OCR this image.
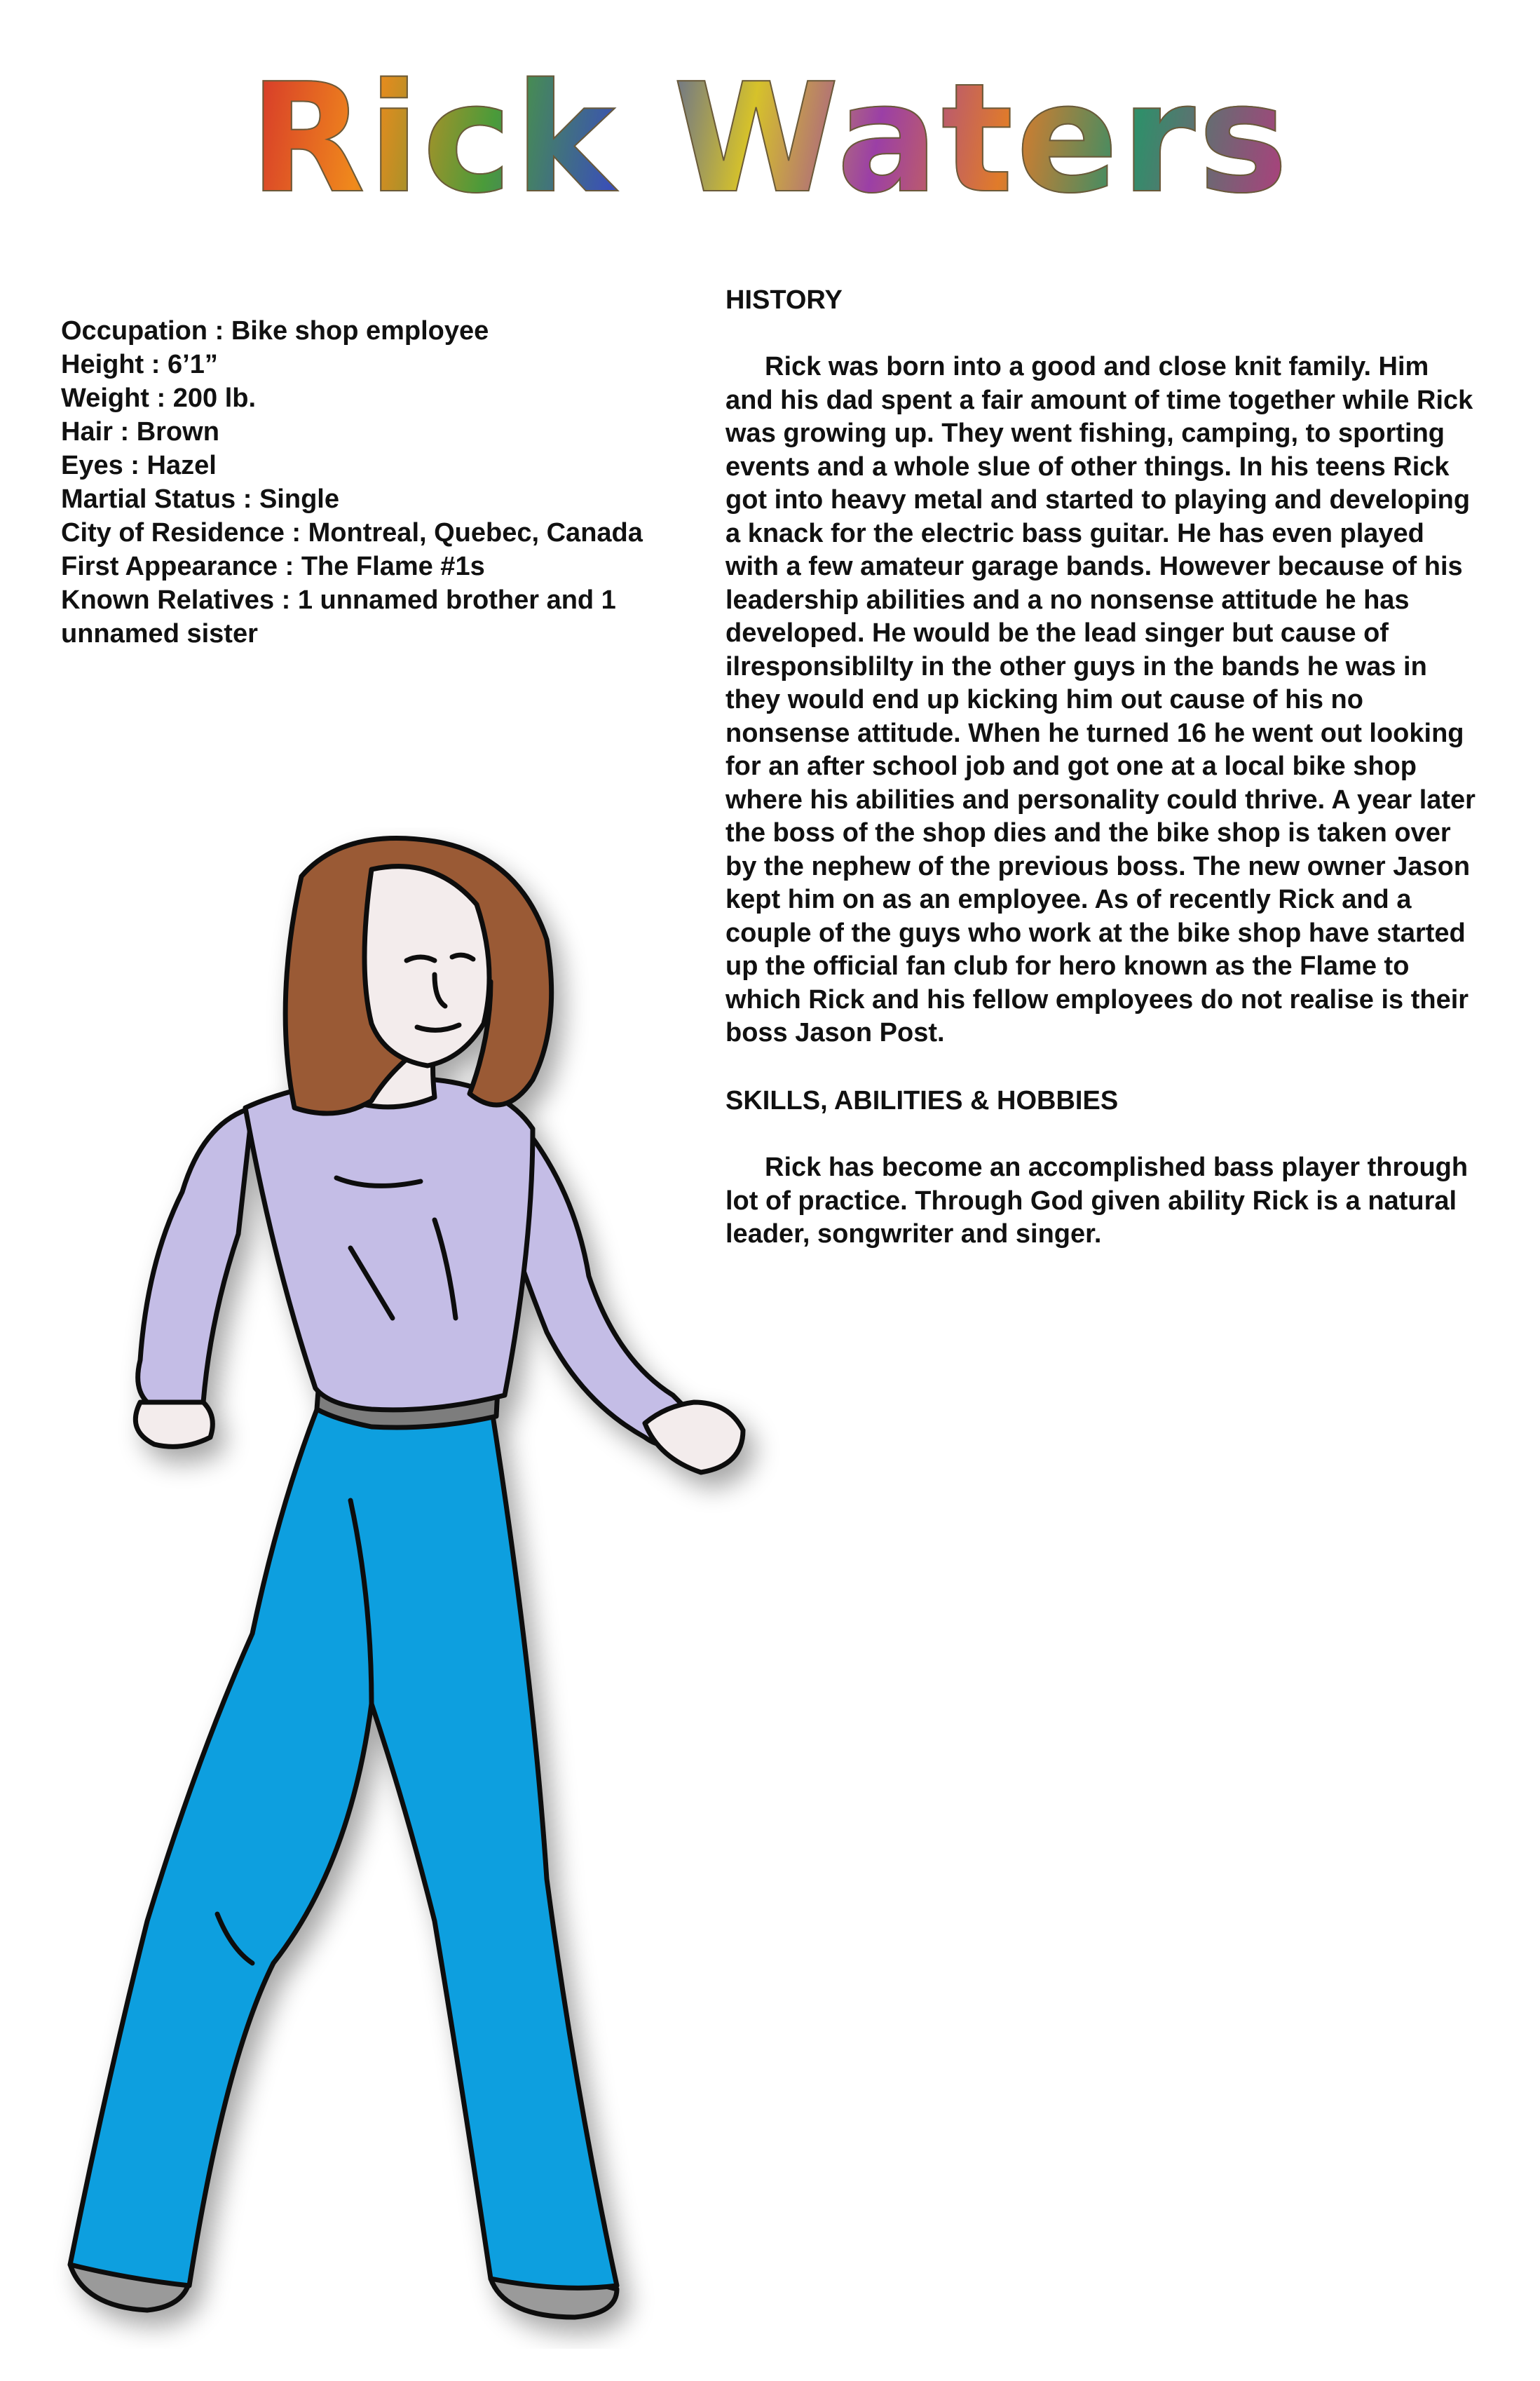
Rick Waters

Occupation : Bike shop employee

Height : 6’1”

Weight : 200 lb.

Hair : Brown

Eyes : Hazel

Martial Status : Single

City of Residence : Montreal, Quebec, Canada

First Appearance : The Flame #1s

Known Relatives : 1 unnamed brother and 1 unnamed sister

HISTORY

Rick was born into a good and close knit family. Him and his dad spent a fair amount of time together while Rick was growing up. They went fishing, camping, to sporting events and a whole slue of other things. In his teens Rick got into heavy metal and started to playing and developing a knack for the electric bass guitar. He has even played with a few amateur garage bands. However because of his leadership abilities and a no nonsense attitude he has developed. He would be the lead singer but cause of ilresponsiblilty in the other guys in the bands he was in they would end up kicking him out cause of his no nonsense attitude. When he turned 16 he went out looking for an after school job and got one at a local bike shop where his abilities and personality could thrive. A year later the boss of the shop dies and the bike shop is taken over by the nephew of the previous boss. The new owner Jason kept him on as an employee. As of recently Rick and a couple of the guys who work at the bike shop have started up the official fan club for hero known as the Flame to which Rick and his fellow employees do not realise is their boss Jason Post.

SKILLS, ABILITIES & HOBBIES

Rick has become an accomplished bass player through lot of practice. Through God given ability Rick is a natural leader, songwriter and singer.
